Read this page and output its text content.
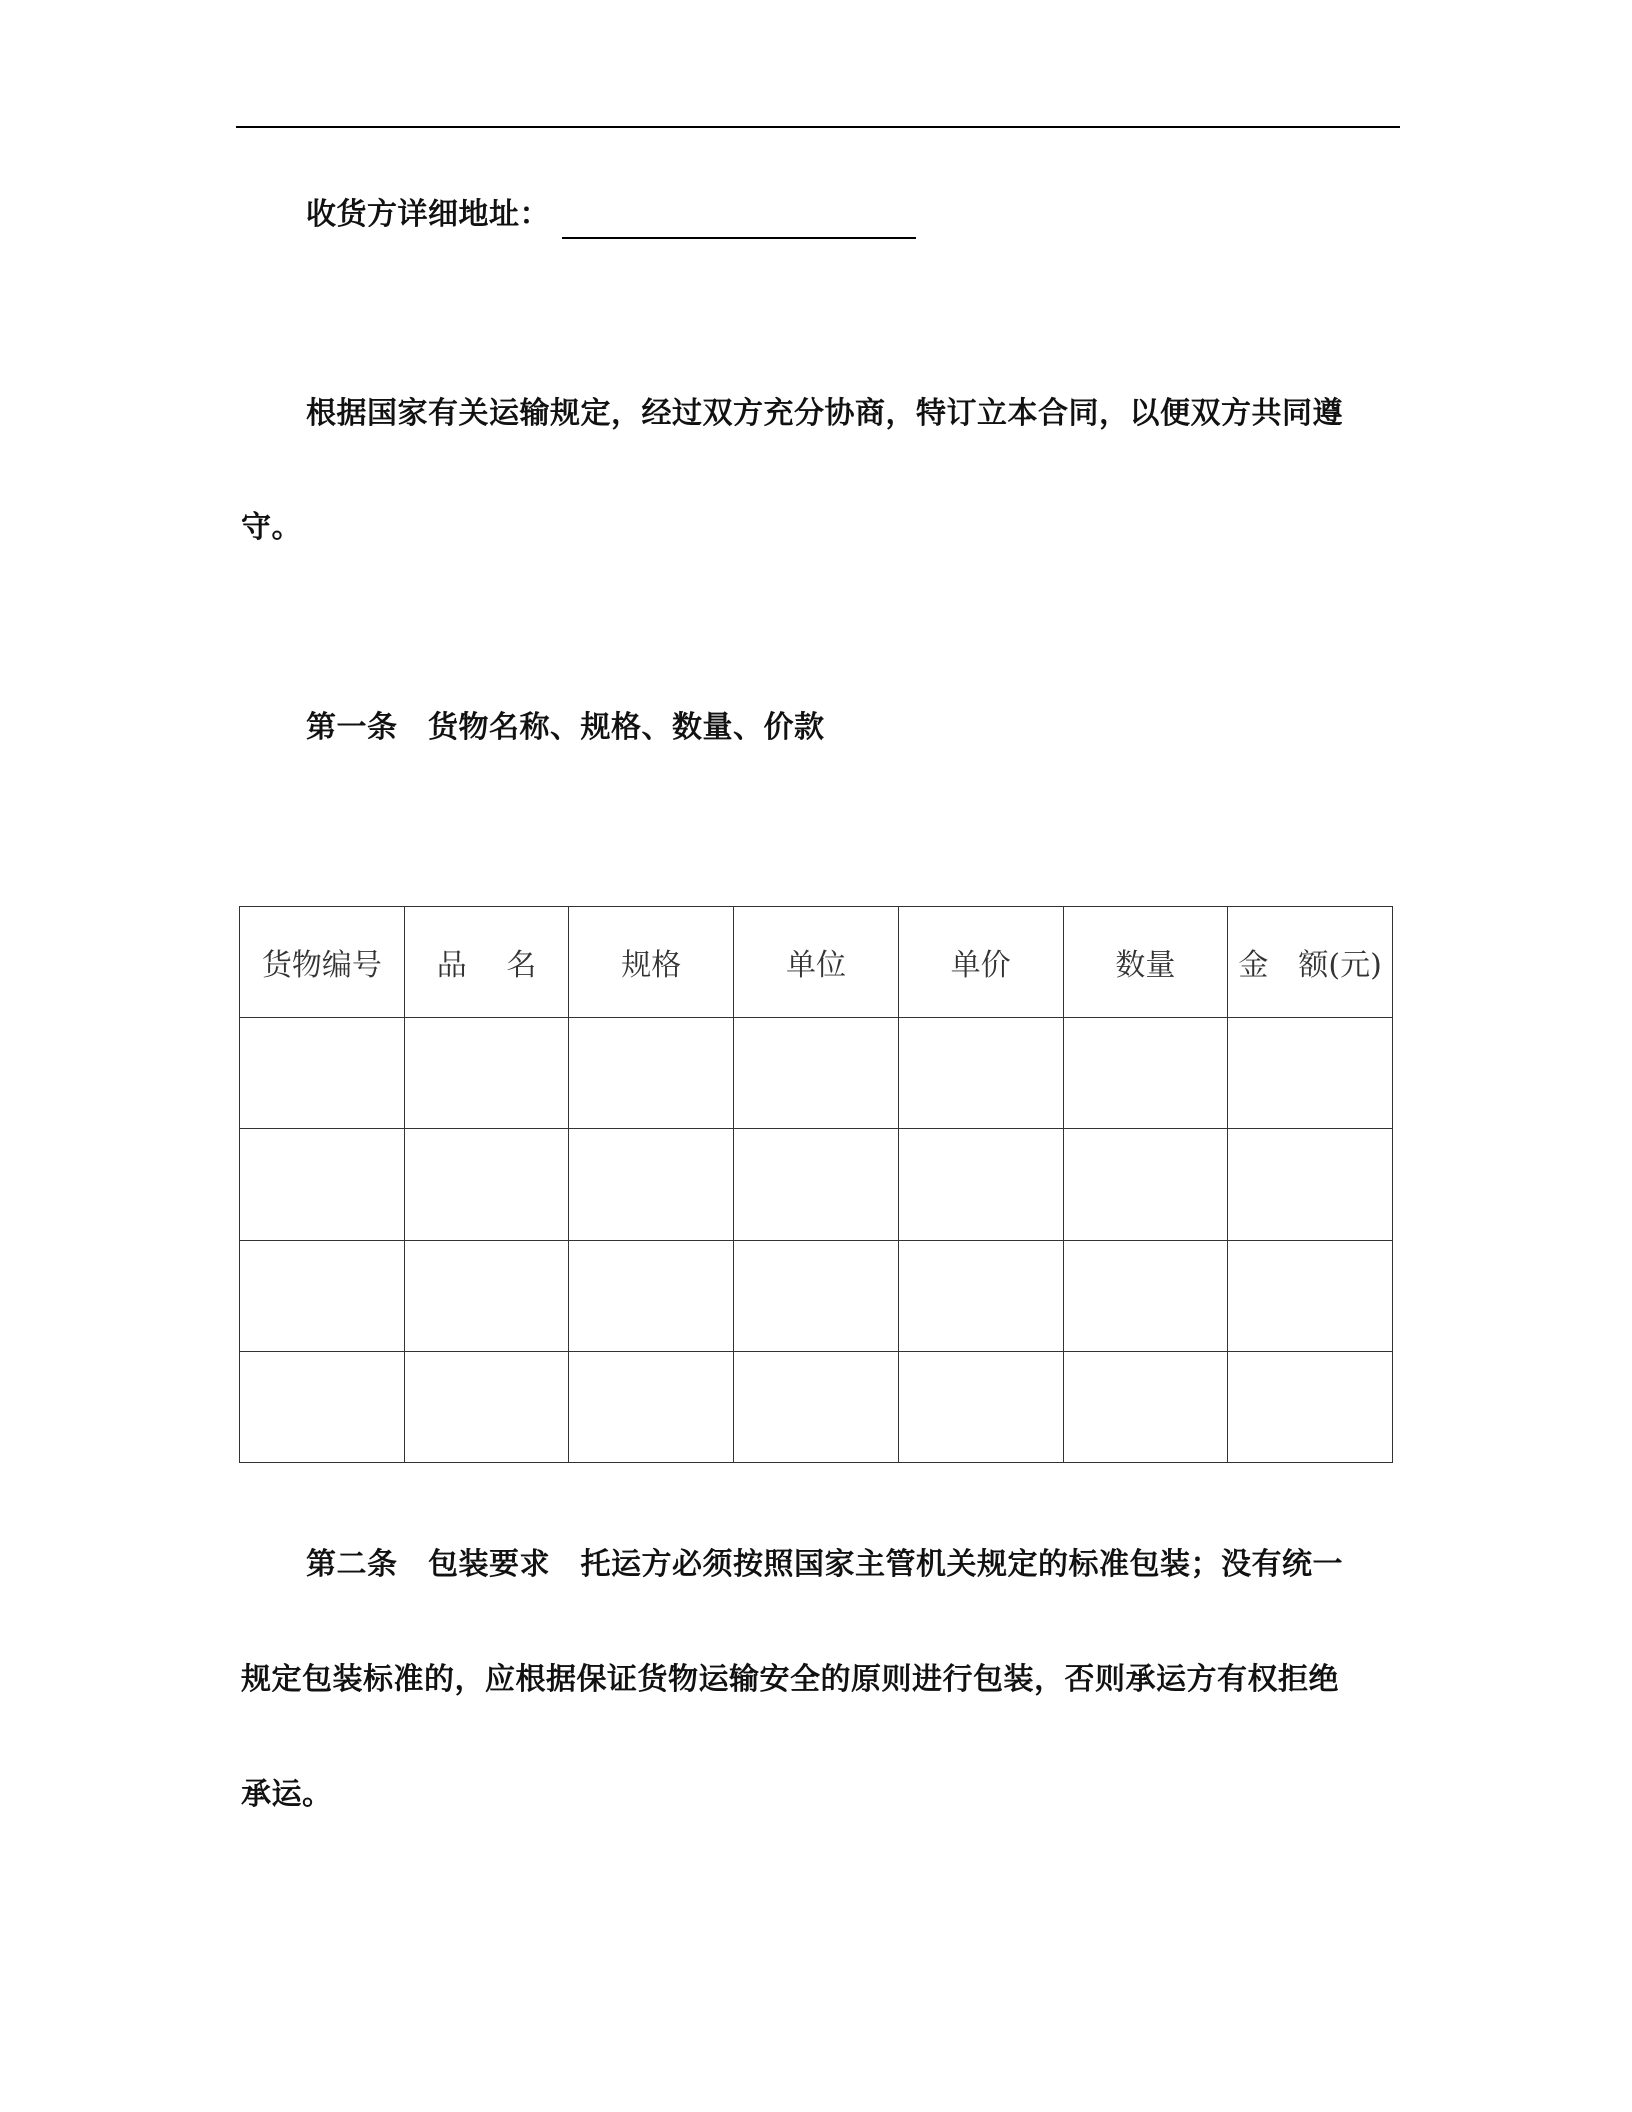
收货方详细地址：
根据国家有关运输规定，经过双方充分协商，特订立本合同，以便双方共同遵
守。
第一条　货物名称、规格、数量、价款
货物编号	品　 名	规格	单位	单价	数量	金　额(元)

第二条　包装要求　托运方必须按照国家主管机关规定的标准包装；没有统一
规定包装标准的，应根据保证货物运输安全的原则进行包装，否则承运方有权拒绝
承运。
